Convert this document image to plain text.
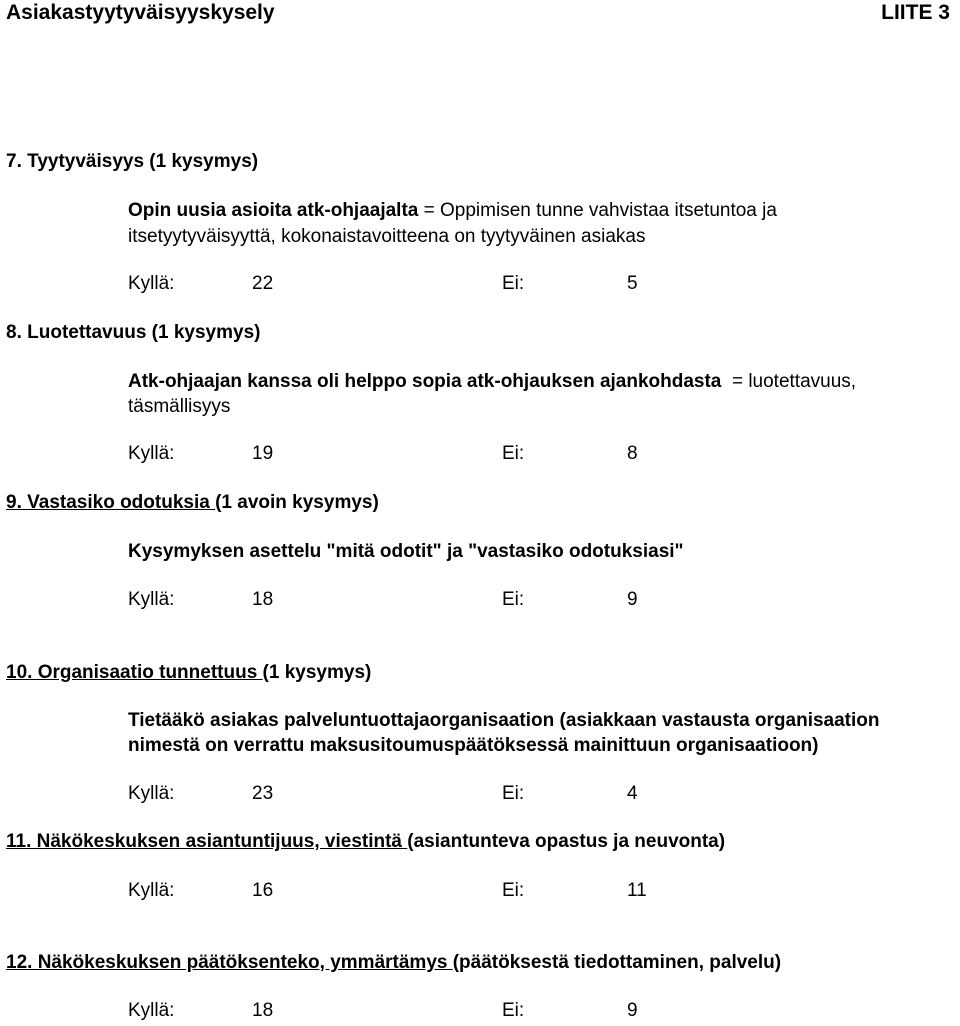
Asiakastyytyväisyyskysely	LIITE 3
7. Tyytyväisyys (1 kysymys)
Opin uusia asioita atk-ohjaajalta = Oppimisen tunne vahvistaa itsetuntoa ja
itsetyytyväisyyttä, kokonaistavoitteena on tyytyväinen asiakas
Kyllä:	22	Ei:	5
8. Luotettavuus (1 kysymys)
Atk-ohjaajan kanssa oli helppo sopia atk-ohjauksen ajankohdasta  = luotettavuus,
täsmällisyys
Kyllä:	19	Ei:	8
9. Vastasiko odotuksia (1 avoin kysymys)
Kysymyksen asettelu "mitä odotit" ja "vastasiko odotuksiasi"
Kyllä:	18	Ei:	9
10. Organisaatio tunnettuus (1 kysymys)
Tietääkö asiakas palveluntuottajaorganisaation (asiakkaan vastausta organisaation
nimestä on verrattu maksusitoumuspäätöksessä mainittuun organisaatioon)
Kyllä:	23	Ei:	4
11. Näkökeskuksen asiantuntijuus, viestintä (asiantunteva opastus ja neuvonta)
Kyllä:	16	Ei:	11
12. Näkökeskuksen päätöksenteko, ymmärtämys (päätöksestä tiedottaminen, palvelu)
Kyllä:	18	Ei:	9
